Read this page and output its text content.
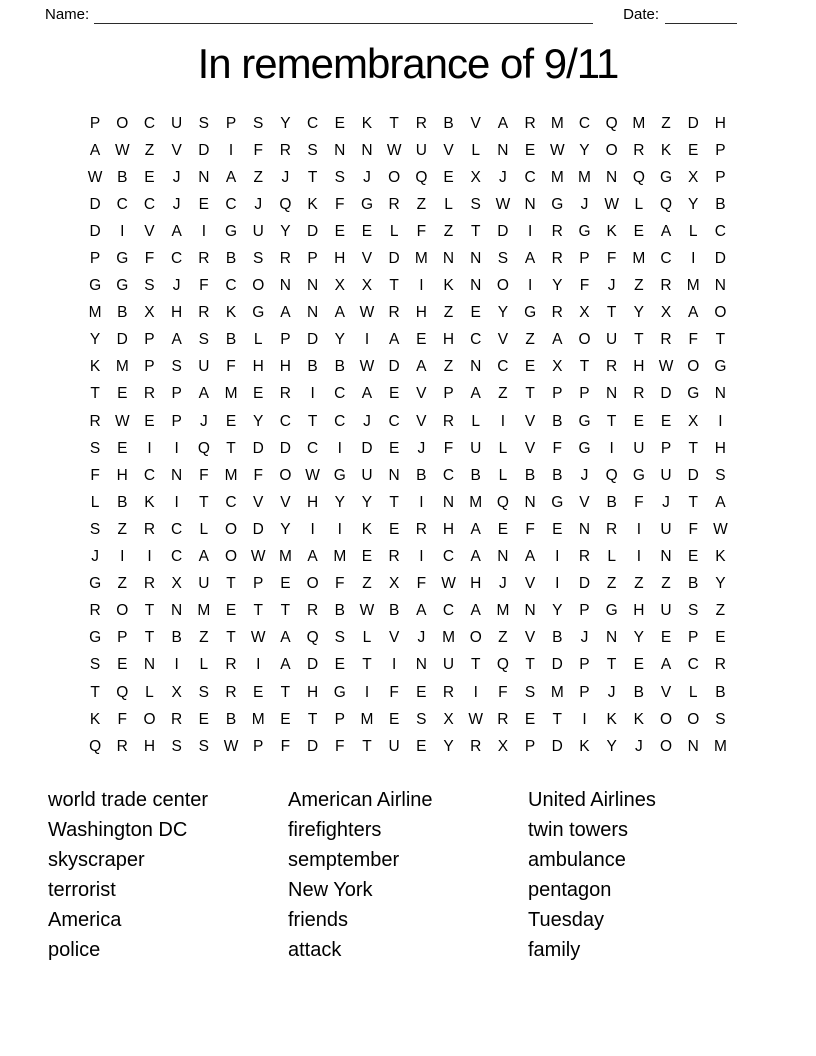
Name:	Date:
In remembrance of 9/11
P	O	C	U	S	P	S	Y	C	E	K	T	R	B	V	A	R M C	Q M	Z	D	H
A W Z	V	D	I	F	R	S	N	N W U	V	L	N	E W Y	O	R	K	E	P
W B	E	J	N	A	Z	J	T	S	J	O Q	E	X	J	C M M N	Q G	X	P
D	C	C	J	E	C	J	Q	K	F	G	R	Z	L	S W N	G	J	W	L	Q	Y	B
D	I	V	A	I	G	U	Y	D	E	E	L	F	Z	T	D	I	R	G	K	E	A	L	C
P	G	F	C	R	B	S	R	P	H	V	D M N	N	S	A	R	P	F	M C	I	D
G G	S	J	F	C	O	N	N	X	X	T	I	K	N	O	I	Y	F	J	Z	R M N
M	B	X	H	R	K	G	A	N	A W R	H	Z	E	Y	G	R	X	T	Y	X	A	O
Y	D	P	A	S	B	L	P	D	Y	I	A	E	H	C	V	Z	A	O	U	T	R	F	T
K	M	P	S	U	F	H	H	B	B W D	A	Z	N	C	E	X	T	R	H W O G
T	E	R	P	A	M	E	R	I	C	A	E	V	P	A	Z	T	P	P	N	R	D	G	N
R W E	P	J	E	Y	C	T	C	J	C	V	R	L	I	V	B	G	T	E	E	X	I
S	E	I	I	Q	T	D	D	C	I	D	E	J	F	U	L	V	F	G	I	U	P	T	H
F	H	C	N	F	M	F	O W G	U	N	B	C	B	L	B	B	J	Q G	U	D	S
L	B	K	I	T	C	V	V	H	Y	Y	T	I	N M Q	N	G	V	B	F	J	T	A
S	Z	R	C	L	O	D	Y	I	I	K	E	R	H	A	E	F	E	N	R	I	U	F W
J	I	I	C	A	O W M	A	M	E	R	I	C	A	N	A	I	R	L	I	N	E	K
G	Z	R	X	U	T	P	E	O	F	Z	X	F W H	J	V	I	D	Z	Z	Z	B	Y
R	O	T	N M	E	T	T	R	B W B	A	C	A	M N	Y	P	G	H	U	S	Z
G	P	T	B	Z	T W A	Q	S	L	V	J	M O	Z	V	B	J	N	Y	E	P	E
S	E	N	I	L	R	I	A	D	E	T	I	N	U	T	Q	T	D	P	T	E	A	C	R
T	Q	L	X	S	R	E	T	H	G	I	F	E	R	I	F	S	M	P	J	B	V	L	B
K	F	O	R	E	B	M	E	T	P	M	E	S	X W R	E	T	I	K	K	O O	S
Q	R	H	S	S W P	F	D	F	T	U	E	Y	R	X	P	D	K	Y	J	O	N M
world trade center
Washington DC
skyscraper
terrorist
America
police
American Airline
firefighters
semptember
New York
friends
attack
United Airlines
twin towers
ambulance
pentagon
Tuesday
family
